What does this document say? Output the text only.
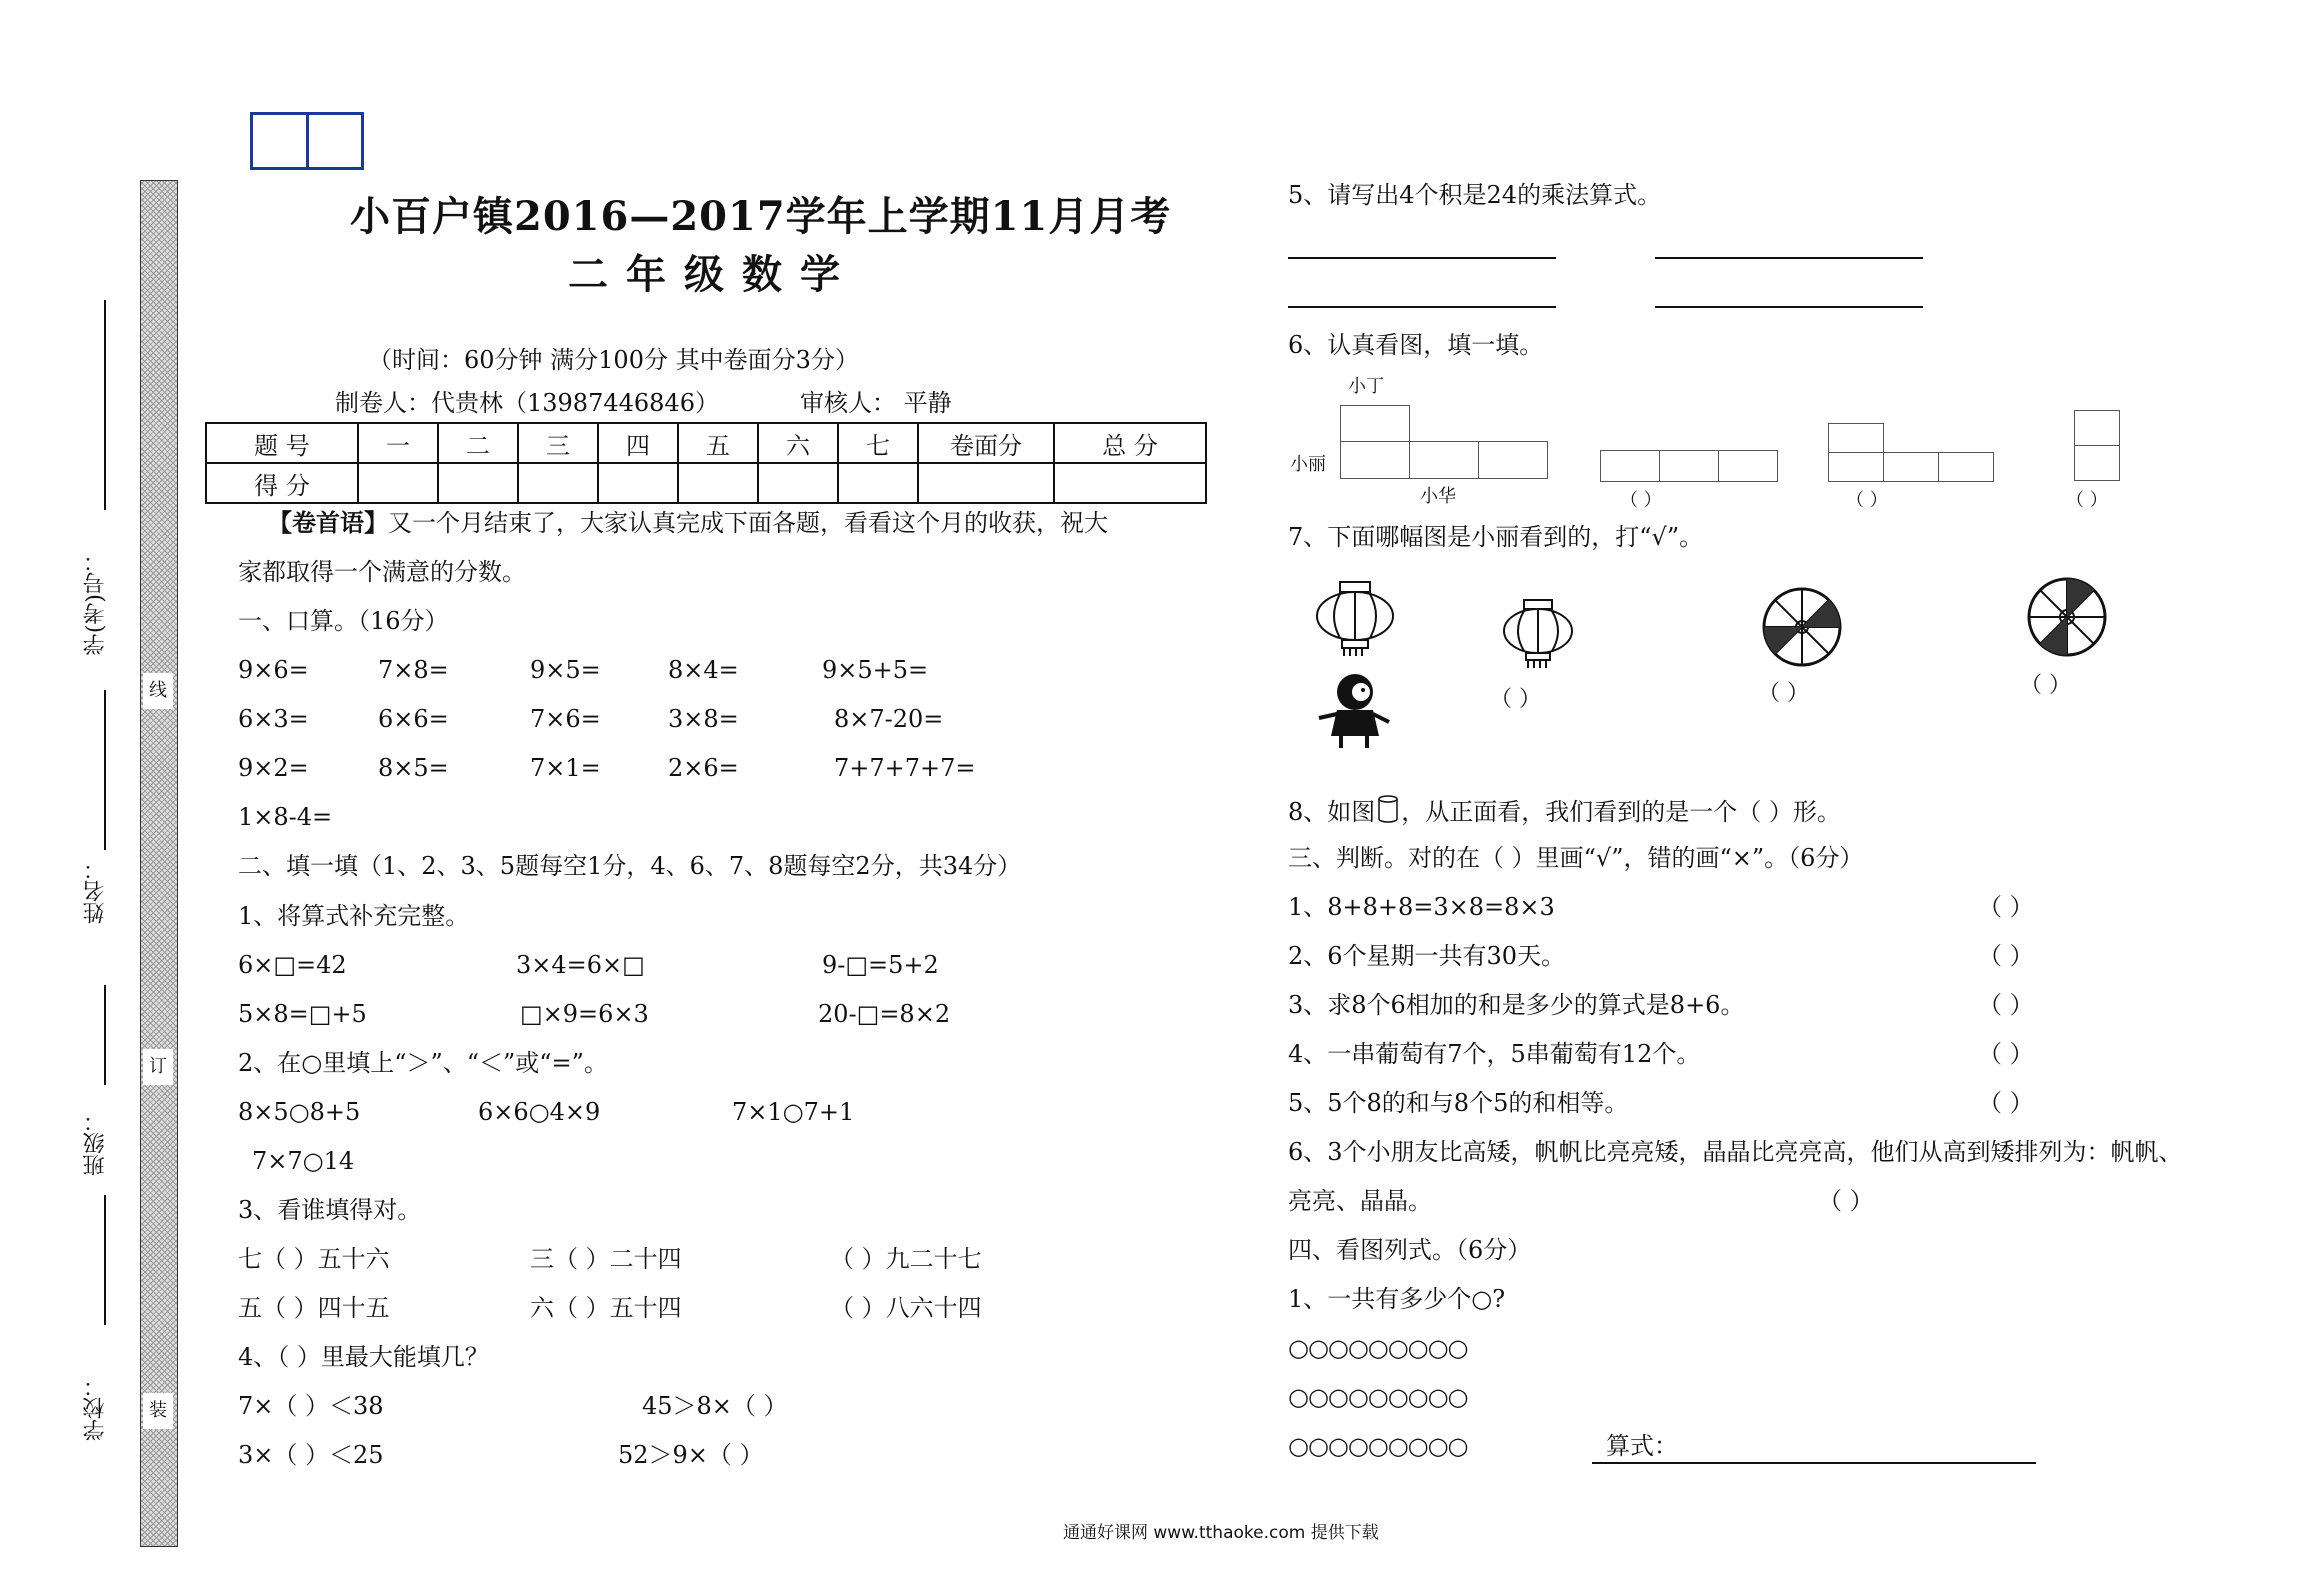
线
订
装
学(考)号：
姓名：
班级：
学校：
小百户镇2016—2017学年上学期11月月考
二年级数学
（时间：60分钟 满分100分 其中卷面分3分）
制卷人：代贵林（13987446846）	审核人： 平静
题 号	一	二	三	四	五	六	七	卷面分	总 分
得 分									
【卷首语】又一个月结束了，大家认真完成下面各题，看看这个月的收获，祝大
家都取得一个满意的分数。
一、口算。（16分）
9×6=	7×8=	9×5=	8×4=	9×5+5=
6×3=	6×6=	7×6=	3×8=	8×7-20=
9×2=	8×5=	7×1=	2×6=	7+7+7+7=
1×8-4=
二、填一填（1、2、3、5题每空1分，4、6、7、8题每空2分，共34分）
1、将算式补充完整。
6×□=42	3×4=6×□	9-□=5+2
5×8=□+5	□×9=6×3	20-□=8×2
2、在○里填上“＞”、“＜”或“=”。
8×5○8+5	6×6○4×9	7×1○7+1
7×7○14
3、看谁填得对。
七（ ）五十六	三（ ）二十四	（ ）九二十七
五（ ）四十五	六（ ）五十四	（ ）八六十四
4、（ ）里最大能填几？
7×（ ）＜38	45＞8×（ ）
3×（ ）＜25	52＞9×（ ）
5、请写出4个积是24的乘法算式。
6、认真看图，填一填。
小丁
小丽
小华	（ ）	（ ）	（ ）
7、下面哪幅图是小丽看到的，打“√”。
（ ）	（ ）	（ ）
8、如图 ，从正面看，我们看到的是一个（ ）形。
三、判断。对的在（ ）里画“√”，错的画“×”。（6分）
1、8+8+8=3×8=8×3	（ ）
2、6个星期一共有30天。	（ ）
3、求8个6相加的和是多少的算式是8+6。	（ ）
4、一串葡萄有7个，5串葡萄有12个。	（ ）
5、5个8的和与8个5的和相等。	（ ）
6、3个小朋友比高矮，帆帆比亮亮矮，晶晶比亮亮高，他们从高到矮排列为：帆帆、
亮亮、晶晶。	（ ）
四、看图列式。（6分）
1、一共有多少个○?
○○○○○○○○○
○○○○○○○○○
○○○○○○○○○	算式：
通通好课网 www.tthaoke.com 提供下载
